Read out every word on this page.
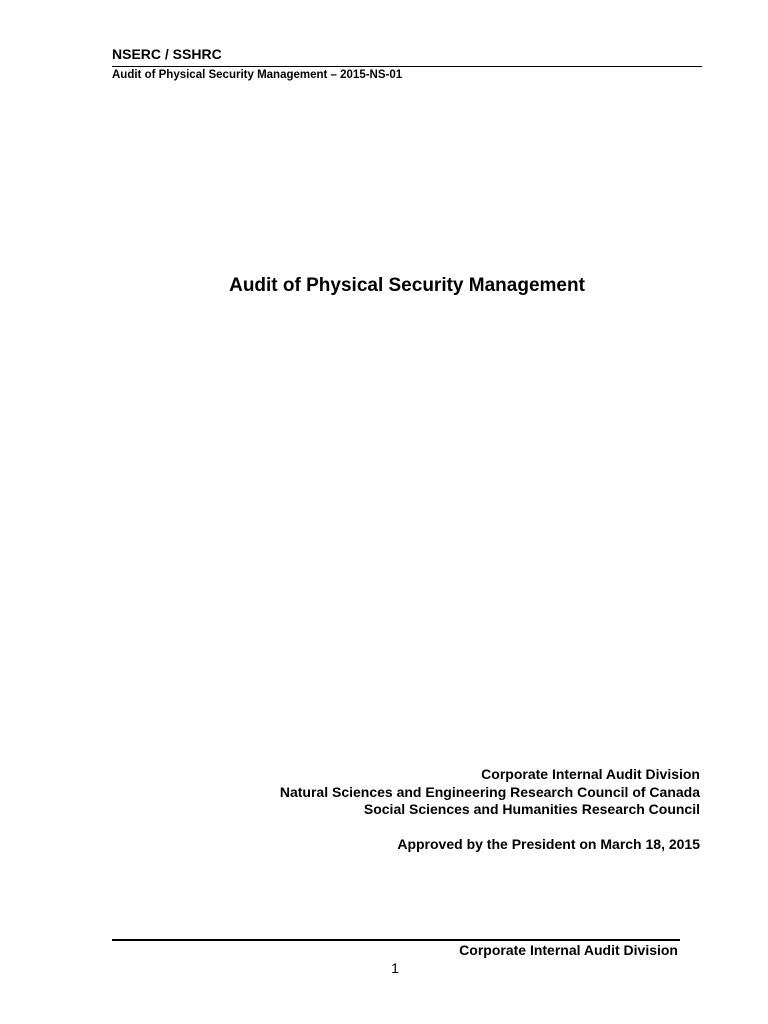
NSERC / SSHRC
Audit of Physical Security Management – 2015-NS-01
Audit of Physical Security Management
Corporate Internal Audit Division
Natural Sciences and Engineering Research Council of Canada
Social Sciences and Humanities Research Council
Approved by the President on March 18, 2015
Corporate Internal Audit Division
1
